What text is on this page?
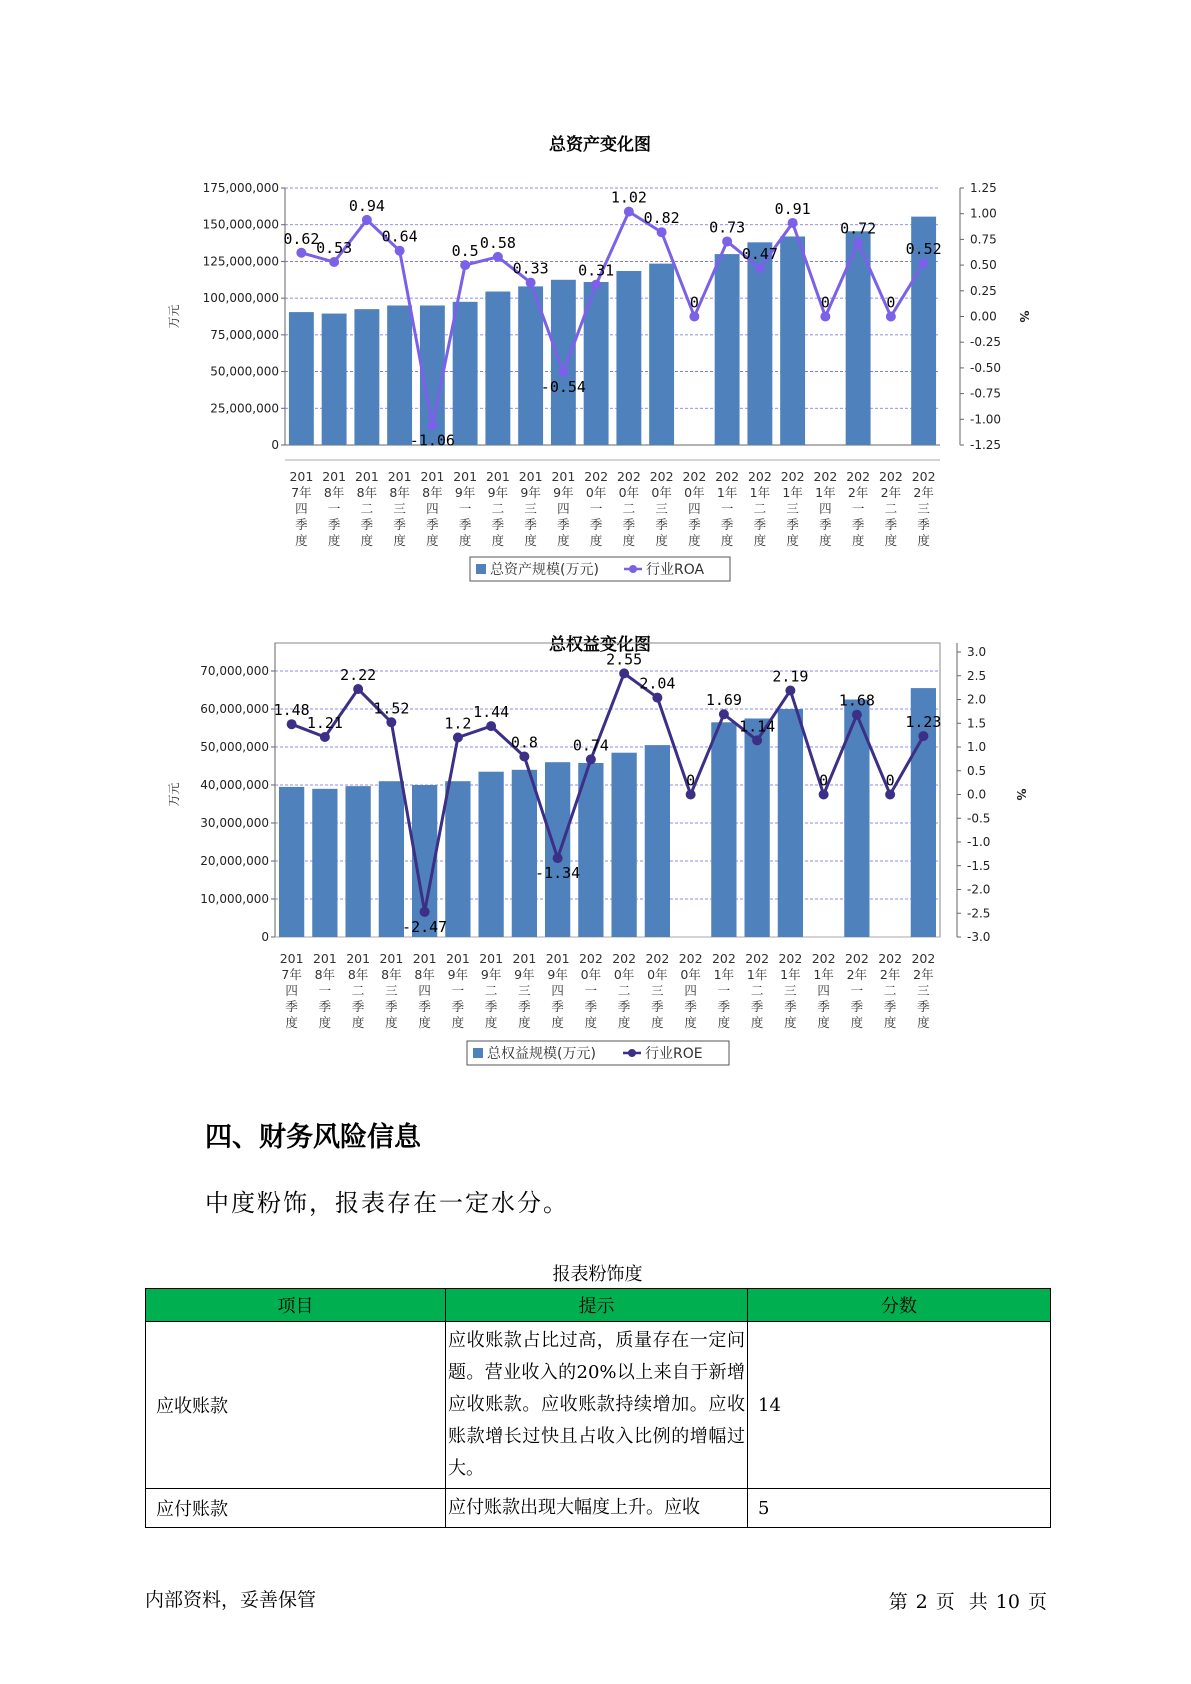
总资产变化图
175,000,000
150,000,000
125,000,000
100,000,000
75,000,000
50,000,000
25,000,000
0
1.25
1.00
0.75
0.50
0.25
0.00
-0.25
-0.50
-0.75
-1.00
-1.25
万元	%
201
7年
四
季
度
201
8年
一
季
度
201
8年
二
季
度
201
8年
三
季
度
201
8年
四
季
度
201
9年
一
季
度
201
9年
二
季
度
201
9年
三
季
度
201
9年
四
季
度
202
0年
一
季
度
202
0年
二
季
度
202
0年
三
季
度
202
0年
四
季
度
202
1年
一
季
度
202
1年
二
季
度
202
1年
三
季
度
202
1年
四
季
度
202
2年
一
季
度
202
2年
二
季
度
202
2年
三
季
度
0.62
0.53
0.94
0.64
-1.06
0.5 0.58
0.33
-0.54
0.31
1.02
0.82
0
0.73
0.47
0.91
0
0.72
0
0.52
总资产规模(万元)	行业ROA
总权益变化图
70,000,000
60,000,000
50,000,000
40,000,000
30,000,000
20,000,000
10,000,000
0
3.0
2.5
2.0
1.5
1.0
0.5
0.0
-0.5
-1.0
-1.5
-2.0
-2.5
-3.0
万元	%
201
7年
四
季
度
201
8年
一
季
度
201
8年
二
季
度
201
8年
三
季
度
201
8年
四
季
度
201
9年
一
季
度
201
9年
二
季
度
201
9年
三
季
度
201
9年
四
季
度
202
0年
一
季
度
202
0年
二
季
度
202
0年
三
季
度
202
0年
四
季
度
202
1年
一
季
度
202
1年
二
季
度
202
1年
三
季
度
202
1年
四
季
度
202
2年
一
季
度
202
2年
二
季
度
202
2年
三
季
度
1.48
1.21
2.22
1.52
-2.47
1.2
1.44
0.8
-1.34
0.74
2.55
2.04
0
1.69
1.14
2.19
0
1.68
0
1.23
总权益规模(万元)	行业ROE
四、财务风险信息

中度粉饰，报表存在一定水分。

报表粉饰度
项目	提示	分数
应收账款	应收账款占比过高，质量存在一定问题。营业收入的20%以上来自于新增应收账款。应收账款持续增加。应收账款增长过快且占收入比例的增幅过大。	14
应付账款	应付账款出现大幅度上升。应收	5
内部资料，妥善保管	第 2 页 共 10 页
